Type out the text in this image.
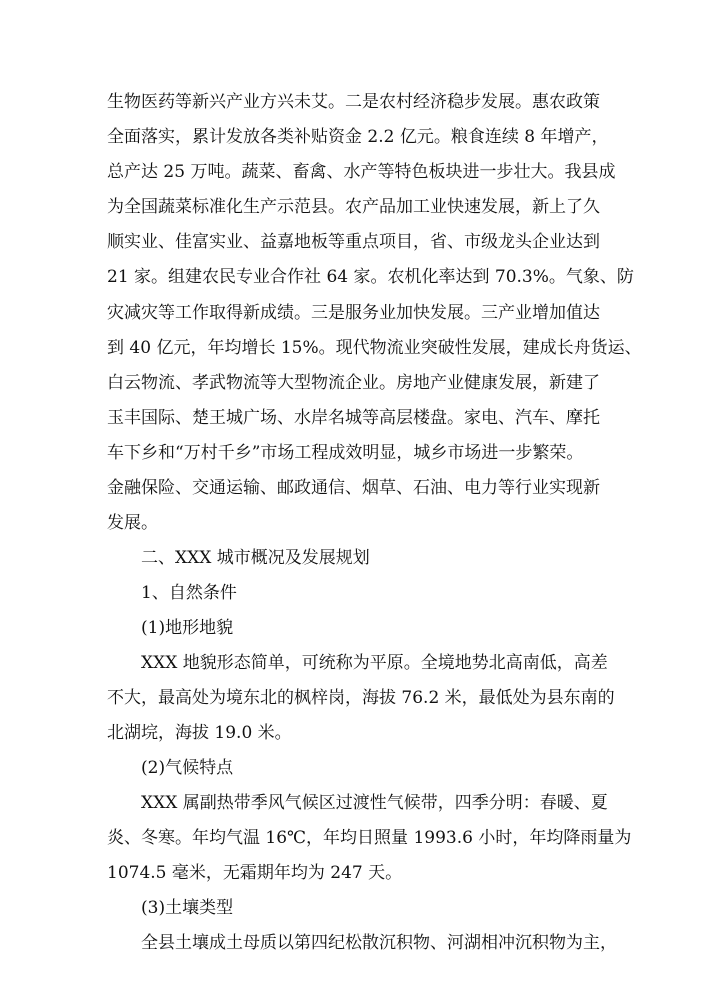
生物医药等新兴产业方兴未艾。二是农村经济稳步发展。惠农政策
全面落实，累计发放各类补贴资金 2.2 亿元。粮食连续 8 年增产，
总产达 25 万吨。蔬菜、畜禽、水产等特色板块进一步壮大。我县成
为全国蔬菜标准化生产示范县。农产品加工业快速发展，新上了久
顺实业、佳富实业、益嘉地板等重点项目，省、市级龙头企业达到
21 家。组建农民专业合作社 64 家。农机化率达到 70.3%。气象、防
灾减灾等工作取得新成绩。三是服务业加快发展。三产业增加值达
到 40 亿元，年均增长 15%。现代物流业突破性发展，建成长舟货运、
白云物流、孝武物流等大型物流企业。房地产业健康发展，新建了
玉丰国际、楚王城广场、水岸名城等高层楼盘。家电、汽车、摩托
车下乡和“万村千乡”市场工程成效明显，城乡市场进一步繁荣。
金融保险、交通运输、邮政通信、烟草、石油、电力等行业实现新
发展。
二、XXX 城市概况及发展规划
1、自然条件
(1)地形地貌
XXX 地貌形态简单，可统称为平原。全境地势北高南低，高差
不大，最高处为境东北的枫梓岗，海拔 76.2 米，最低处为县东南的
北湖垸，海拔 19.0 米。
(2)气候特点
XXX 属副热带季风气候区过渡性气候带，四季分明：春暖、夏
炎、冬寒。年均气温 16℃，年均日照量 1993.6 小时，年均降雨量为
1074.5 毫米，无霜期年均为 247 天。
(3)土壤类型
全县土壤成土母质以第四纪松散沉积物、河湖相冲沉积物为主，
